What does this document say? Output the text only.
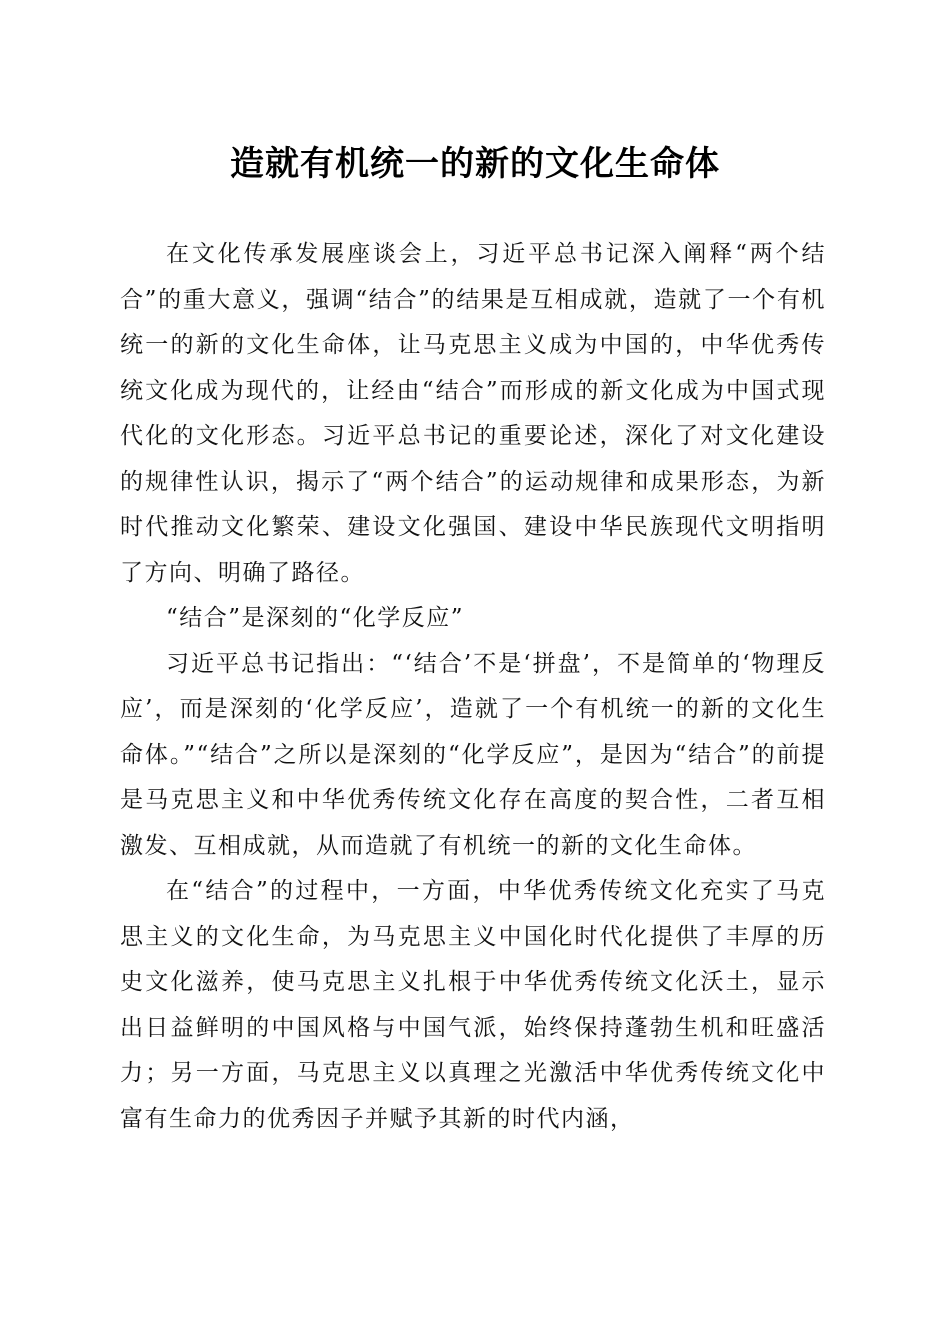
造就有机统一的新的文化生命体

在文化传承发展座谈会上，习近平总书记深入阐释“两个结合”的重大意义，强调“结合”的结果是互相成就，造就了一个有机统一的新的文化生命体，让马克思主义成为中国的，中华优秀传统文化成为现代的，让经由“结合”而形成的新文化成为中国式现代化的文化形态。习近平总书记的重要论述，深化了对文化建设的规律性认识，揭示了“两个结合”的运动规律和成果形态，为新时代推动文化繁荣、建设文化强国、建设中华民族现代文明指明了方向、明确了路径。

“结合”是深刻的“化学反应”

习近平总书记指出：“‘结合’不是‘拼盘’，不是简单的‘物理反应’，而是深刻的‘化学反应’，造就了一个有机统一的新的文化生命体。”“结合”之所以是深刻的“化学反应”，是因为“结合”的前提是马克思主义和中华优秀传统文化存在高度的契合性，二者互相激发、互相成就，从而造就了有机统一的新的文化生命体。

在“结合”的过程中，一方面，中华优秀传统文化充实了马克思主义的文化生命，为马克思主义中国化时代化提供了丰厚的历史文化滋养，使马克思主义扎根于中华优秀传统文化沃土，显示出日益鲜明的中国风格与中国气派，始终保持蓬勃生机和旺盛活力；另一方面，马克思主义以真理之光激活中华优秀传统文化中富有生命力的优秀因子并赋予其新的时代内涵，
